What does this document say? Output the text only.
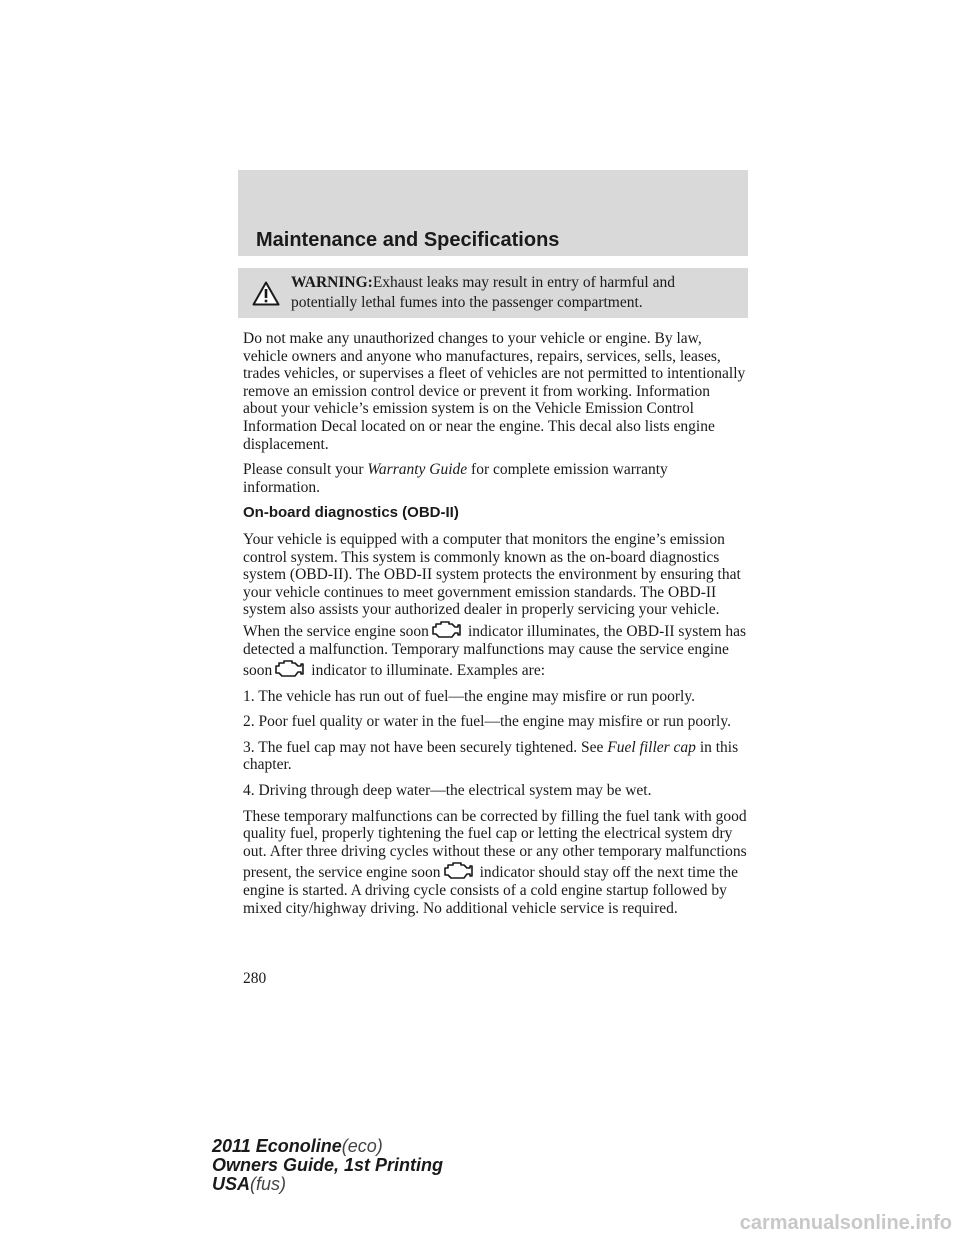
Maintenance and Specifications
WARNING:Exhaust leaks may result in entry of harmful and potentially lethal fumes into the passenger compartment.

Do not make any unauthorized changes to your vehicle or engine. By law, vehicle owners and anyone who manufactures, repairs, services, sells, leases, trades vehicles, or supervises a fleet of vehicles are not permitted to intentionally remove an emission control device or prevent it from working. Information about your vehicle’s emission system is on the Vehicle Emission Control Information Decal located on or near the engine. This decal also lists engine displacement.

Please consult your Warranty Guide for complete emission warranty information.

On-board diagnostics (OBD-II)

Your vehicle is equipped with a computer that monitors the engine’s emission control system. This system is commonly known as the on-board diagnostics system (OBD-II). The OBD-II system protects the environment by ensuring that your vehicle continues to meet government emission standards. The OBD-II system also assists your authorized dealer in properly servicing your vehicle. When the service engine soon	indicator illuminates, the OBD-II system has detected a malfunction. Temporary malfunctions may cause the service engine soon	indicator to illuminate. Examples are:

1. The vehicle has run out of fuel—the engine may misfire or run poorly.

2. Poor fuel quality or water in the fuel—the engine may misfire or run poorly.

3. The fuel cap may not have been securely tightened. See Fuel filler cap in this chapter.

4. Driving through deep water—the electrical system may be wet.

These temporary malfunctions can be corrected by filling the fuel tank with good quality fuel, properly tightening the fuel cap or letting the electrical system dry out. After three driving cycles without these or any other temporary malfunctions present, the service engine soon	indicator should stay off the next time the engine is started. A driving cycle consists of a cold engine startup followed by mixed city/highway driving. No additional vehicle service is required.

280
2011 Econoline(eco)
Owners Guide, 1st Printing
USA(fus)
carmanualsonline.info
